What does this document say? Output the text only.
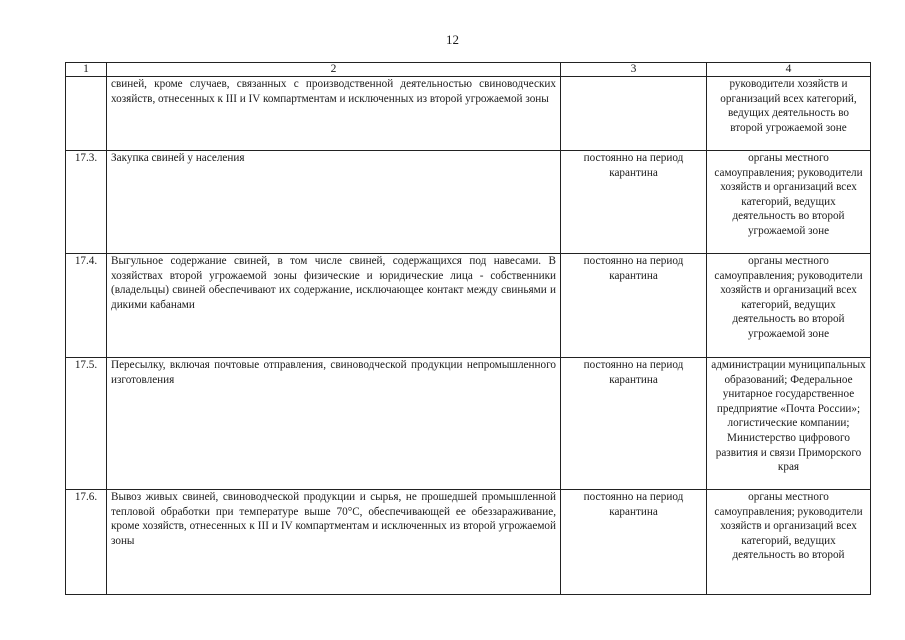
12
1	2	3	4
	свиней, кроме случаев, связанных с производственной деятельностью свиноводческих хозяйств, отнесенных к III и IV компартментам и исключенных из второй угрожаемой зоны		руководители хозяйств и организаций всех категорий, ведущих деятельность во второй угрожаемой зоне
17.3.	Закупка свиней у населения	постоянно на период карантина	органы местного самоуправления; руководители хозяйств и организаций всех категорий, ведущих деятельность во второй угрожаемой зоне
17.4.	Выгульное содержание свиней, в том числе свиней, содержащихся под навесами. В хозяйствах второй угрожаемой зоны физические и юридические лица - собственники (владельцы) свиней обеспечивают их содержание, исключающее контакт между свиньями и дикими кабанами	постоянно на период карантина	органы местного самоуправления; руководители хозяйств и организаций всех категорий, ведущих деятельность во второй угрожаемой зоне
17.5.	Пересылку, включая почтовые отправления, свиноводческой продукции непромышленного изготовления	постоянно на период карантина	администрации муниципальных образований; Федеральное унитарное государственное предприятие «Почта России»; логистические компании; Министерство цифрового развития и связи Приморского края
17.6.	Вывоз живых свиней, свиноводческой продукции и сырья, не прошедшей промышленной тепловой обработки при температуре выше 70°C, обеспечивающей ее обеззараживание, кроме хозяйств, отнесенных к III и IV компартментам и исключенных из второй угрожаемой зоны	постоянно на период карантина	органы местного самоуправления; руководители хозяйств и организаций всех категорий, ведущих деятельность во второй
